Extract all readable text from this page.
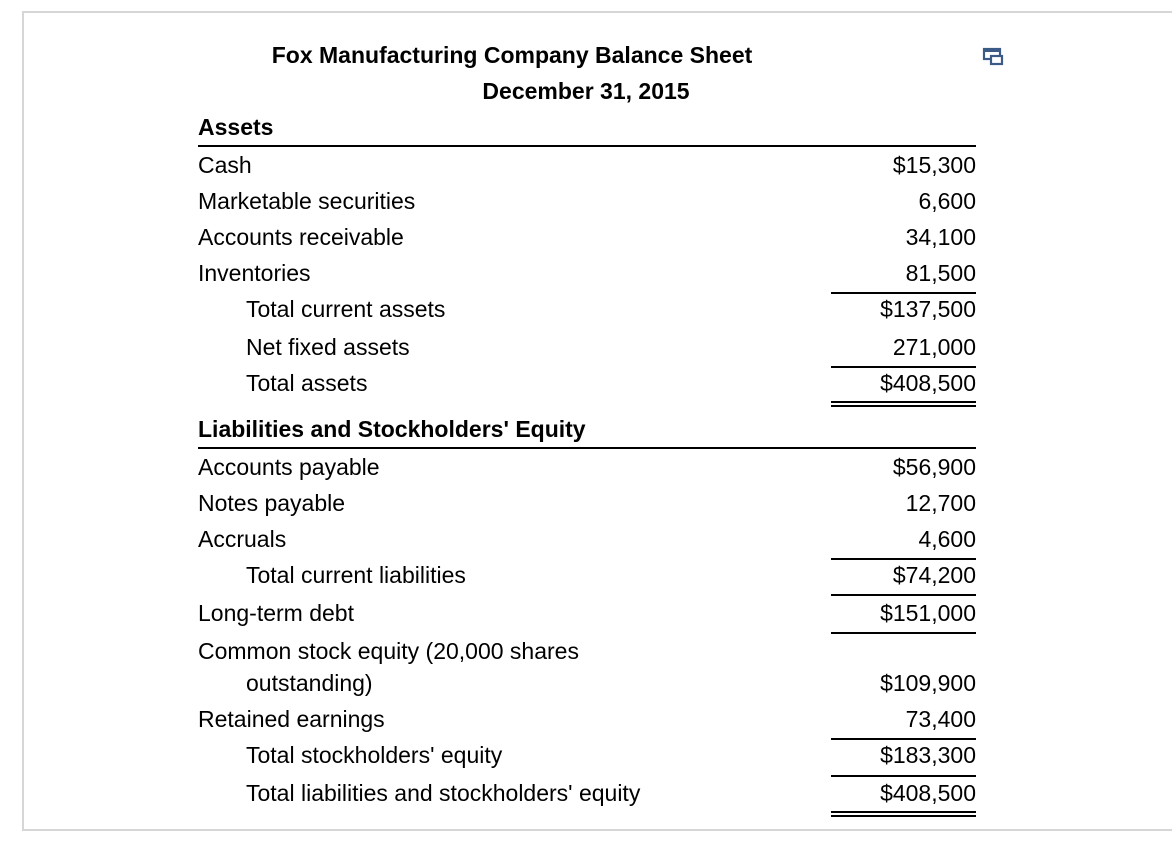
Fox Manufacturing Company Balance Sheet
December 31, 2015
Assets
Cash	$15,300
Marketable securities	6,600
Accounts receivable	34,100
Inventories	81,500
Total current assets	$137,500
Net fixed assets	271,000
Total assets	$408,500
Liabilities and Stockholders' Equity
Accounts payable	$56,900
Notes payable	12,700
Accruals	4,600
Total current liabilities	$74,200
Long-term debt	$151,000
Common stock equity (20,000 shares
outstanding)	$109,900
Retained earnings	73,400
Total stockholders' equity	$183,300
Total liabilities and stockholders' equity	$408,500
